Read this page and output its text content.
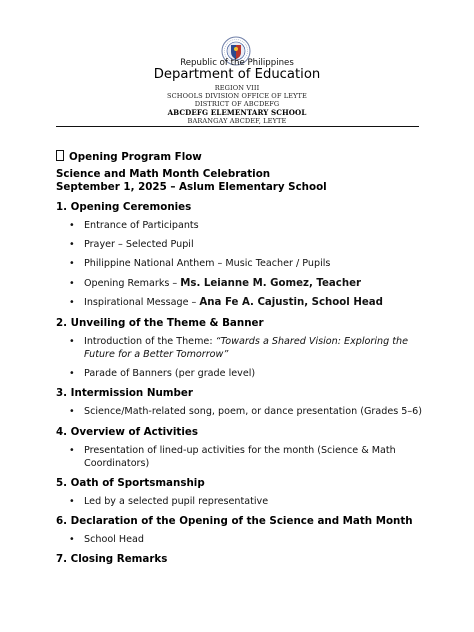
Republic of the Philippines
Department of Education
REGION VIII
SCHOOLS DIVISION OFFICE OF LEYTE
DISTRICT OF ABCDEFG
ABCDEFG ELEMENTARY SCHOOL
BARANGAY ABCDEF, LEYTE
Opening Program Flow
Science and Math Month Celebration
September 1, 2025 – Aslum Elementary School
1. Opening Ceremonies
• Entrance of Participants
• Prayer – Selected Pupil
• Philippine National Anthem – Music Teacher / Pupils
• Opening Remarks – Ms. Leianne M. Gomez, Teacher
• Inspirational Message – Ana Fe A. Cajustin, School Head
2. Unveiling of the Theme & Banner
• Introduction of the Theme: “Towards a Shared Vision: Exploring the
Future for a Better Tomorrow”
• Parade of Banners (per grade level)
3. Intermission Number
• Science/Math-related song, poem, or dance presentation (Grades 5–6)
4. Overview of Activities
• Presentation of lined-up activities for the month (Science & Math
Coordinators)
5. Oath of Sportsmanship
• Led by a selected pupil representative
6. Declaration of the Opening of the Science and Math Month
• School Head
7. Closing Remarks
